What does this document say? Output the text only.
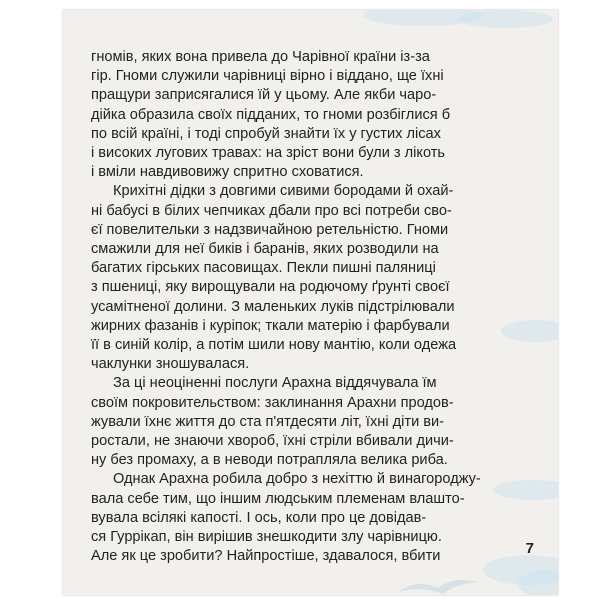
гномів, яких вона привела до Чарівної країни із-за
гір. Гноми служили чарівниці вірно і віддано, ще їхні
пращури заприсягалися їй у цьому. Але якби чаро-
дійка образила своїх підданих, то гноми розбіглися б
по всій країні, і тоді спробуй знайти їх у густих лісах
і високих лугових травах: на зріст вони були з лікоть
і вміли навдивовижу спритно сховатися.

Крихітні дідки з довгими сивими бородами й охай-
ні бабусі в білих чепчиках дбали про всі потреби сво-
єї повелительки з надзвичайною ретельністю. Гноми
смажили для неї биків і баранів, яких розводили на
багатих гірських пасовищах. Пекли пишні паляниці
з пшениці, яку вирощували на родючому ґрунті своєї
усамітненої долини. З маленьких луків підстрілювали
жирних фазанів і куріпок; ткали матерію і фарбували
її в синій колір, а потім шили нову мантію, коли одежа
чаклунки зношувалася.

За ці неоціненні послуги Арахна віддячувала їм
своїм покровительством: заклинання Арахни продов-
жували їхнє життя до ста п'ятдесяти літ, їхні діти ви-
ростали, не знаючи хвороб, їхні стріли вбивали дичи-
ну без промаху, а в неводи потрапляла велика риба.

Однак Арахна робила добро з нехіттю й винагороджу-
вала себе тим, що іншим людським племенам влашто-
вувала всілякі капості. І ось, коли про це довідав-
ся Гуррікап, він вирішив знешкодити злу чарівницю.
Але як це зробити? Найпростіше, здавалося, вбити	7
